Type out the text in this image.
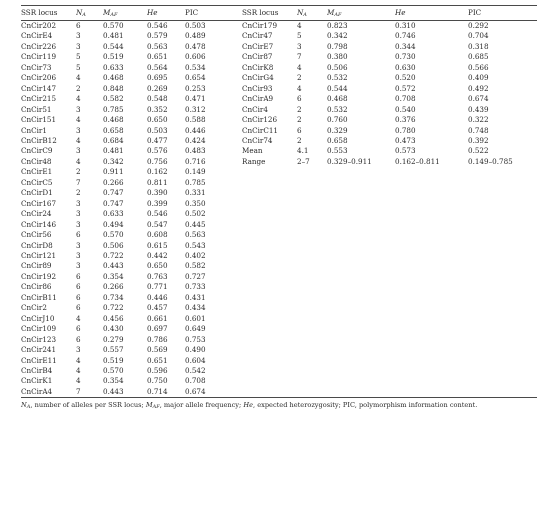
SSR locus	$N_A$	$M_{AF}$	He	PIC	SSR locus	$N_A$	$M_{AF}$	He	PIC
CnCir202	6	0.570	0.546	0.503	CnCir179	4	0.823	0.310	0.292
CnCirE4	3	0.481	0.579	0.489	CnCir47	5	0.342	0.746	0.704
CnCir226	3	0.544	0.563	0.478	CnCirE7	3	0.798	0.344	0.318
CnCir119	5	0.519	0.651	0.606	CnCir87	7	0.380	0.730	0.685
CnCir73	5	0.633	0.564	0.534	CnCirK8	4	0.506	0.630	0.566
CnCir206	4	0.468	0.695	0.654	CnCirG4	2	0.532	0.520	0.409
CnCir147	2	0.848	0.269	0.253	CnCir93	4	0.544	0.572	0.492
CnCir215	4	0.582	0.548	0.471	CnCirA9	6	0.468	0.708	0.674
CnCir51	3	0.785	0.352	0.312	CnCir4	2	0.532	0.540	0.439
CnCir151	4	0.468	0.650	0.588	CnCir126	2	0.760	0.376	0.322
CnCir1	3	0.658	0.503	0.446	CnCirC11	6	0.329	0.780	0.748
CnCirB12	4	0.684	0.477	0.424	CnCir74	2	0.658	0.473	0.392
CnCirC9	3	0.481	0.576	0.483	Mean	4.1	0.553	0.573	0.522
CnCir48	4	0.342	0.756	0.716	Range	2–7	0.329–0.911	0.162–0.811	0.149–0.785
CnCirE1	2	0.911	0.162	0.149					
CnCirC5	7	0.266	0.811	0.785					
CnCirD1	2	0.747	0.390	0.331					
CnCir167	3	0.747	0.399	0.350					
CnCir24	3	0.633	0.546	0.502					
CnCir146	3	0.494	0.547	0.445					
CnCir56	6	0.570	0.608	0.563					
CnCirD8	3	0.506	0.615	0.543					
CnCir121	3	0.722	0.442	0.402					
CnCir89	3	0.443	0.650	0.582					
CnCir192	6	0.354	0.763	0.727					
CnCir86	6	0.266	0.771	0.733					
CnCirB11	6	0.734	0.446	0.431					
CnCir2	6	0.722	0.457	0.434					
CnCirJ10	4	0.456	0.661	0.601					
CnCir109	6	0.430	0.697	0.649					
CnCir123	6	0.279	0.786	0.753					
CnCir241	3	0.557	0.569	0.490					
CnCirE11	4	0.519	0.651	0.604					
CnCirB4	4	0.570	0.596	0.542					
CnCirK1	4	0.354	0.750	0.708					
CnCirA4	7	0.443	0.714	0.674					
$N_A$, number of alleles per SSR locus; $M_{AF}$, major allele frequency; He, expected heterozygosity; PIC, polymorphism information content.
